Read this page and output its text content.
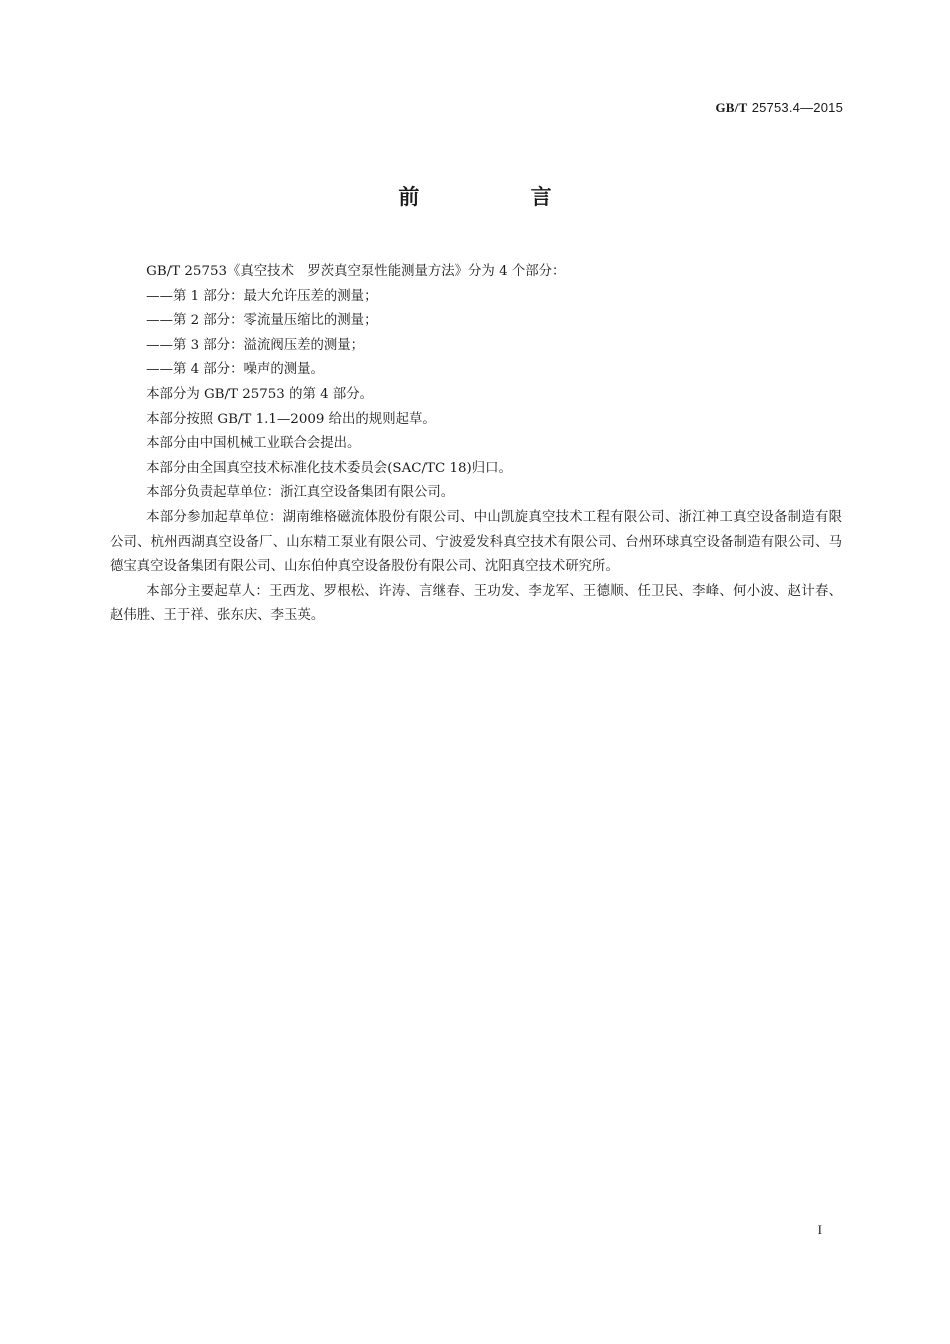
GB/T 25753.4—2015
前 言

GB/T 25753《真空技术　罗茨真空泵性能测量方法》分为 4 个部分：

——第 1 部分：最大允许压差的测量；

——第 2 部分：零流量压缩比的测量；

——第 3 部分：溢流阀压差的测量；

——第 4 部分：噪声的测量。

本部分为 GB/T 25753 的第 4 部分。

本部分按照 GB/T 1.1—2009 给出的规则起草。

本部分由中国机械工业联合会提出。

本部分由全国真空技术标准化技术委员会(SAC/TC 18)归口。

本部分负责起草单位：浙江真空设备集团有限公司。

本部分参加起草单位：湖南维格磁流体股份有限公司、中山凯旋真空技术工程有限公司、浙江神工真空设备制造有限公司、杭州西湖真空设备厂、山东精工泵业有限公司、宁波爱发科真空技术有限公司、台州环球真空设备制造有限公司、马德宝真空设备集团有限公司、山东伯仲真空设备股份有限公司、沈阳真空技术研究所。

本部分主要起草人：王西龙、罗根松、许涛、言继春、王功发、李龙军、王德顺、任卫民、李峰、何小波、赵计春、赵伟胜、王于祥、张东庆、李玉英。

I
